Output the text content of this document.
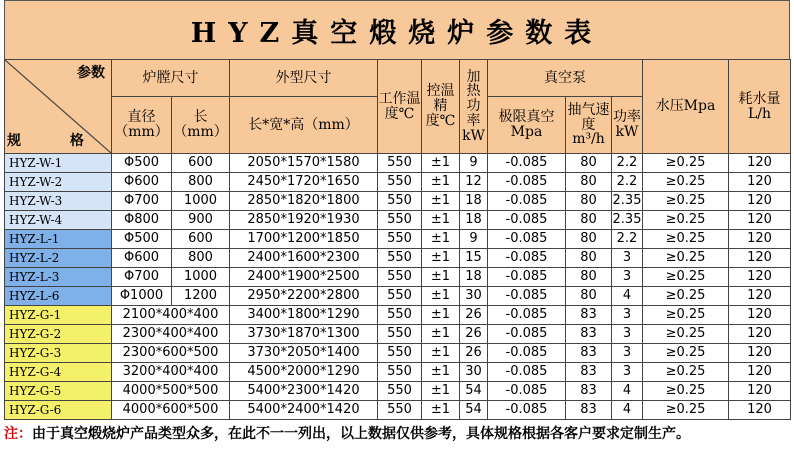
HYZ真空煅烧炉参数表
参数
规 格	炉膛尺寸		外型尺寸	工作温度℃	控温精度℃	加热功率kW	真空泵			水压Mpa	耗水量L/h
	直径（mm）	长（mm）	长*宽*高（mm）				极限真空Mpa	抽气速度m³/h	功率kW		
HYZ-W-1	Φ500	600	2050*1570*1580	550	±1	9	-0.085	80	2.2	≥0.25	120
HYZ-W-2	Φ600	800	2450*1720*1650	550	±1	12	-0.085	80	2.2	≥0.25	120
HYZ-W-3	Φ700	1000	2850*1820*1800	550	±1	18	-0.085	80	2.35	≥0.25	120
HYZ-W-4	Φ800	900	2850*1920*1930	550	±1	18	-0.085	80	2.35	≥0.25	120
HYZ-L-1	Φ500	600	1700*1200*1850	550	±1	9	-0.085	80	2.2	≥0.25	120
HYZ-L-2	Φ600	800	2400*1600*2300	550	±1	15	-0.085	80	3	≥0.25	120
HYZ-L-3	Φ700	1000	2400*1900*2500	550	±1	18	-0.085	80	3	≥0.25	120
HYZ-L-6	Φ1000	1200	2950*2200*2800	550	±1	30	-0.085	80	4	≥0.25	120
HYZ-G-1	2100*400*400		3400*1800*1290	550	±1	26	-0.085	83	3	≥0.25	120
HYZ-G-2	2300*400*400		3730*1870*1300	550	±1	26	-0.085	83	3	≥0.25	120
HYZ-G-3	2300*600*500		3730*2050*1400	550	±1	26	-0.085	83	3	≥0.25	120
HYZ-G-4	3200*400*400		4500*2000*1290	550	±1	30	-0.085	83	3	≥0.25	120
HYZ-G-5	4000*500*500		5400*2300*1420	550	±1	54	-0.085	83	4	≥0.25	120
HYZ-G-6	4000*600*500		5400*2400*1420	550	±1	54	-0.085	83	4	≥0.25	120
注：由于真空煅烧炉产品类型众多，在此不一一列出，以上数据仅供参考，具体规格根据各客户要求定制生产。
